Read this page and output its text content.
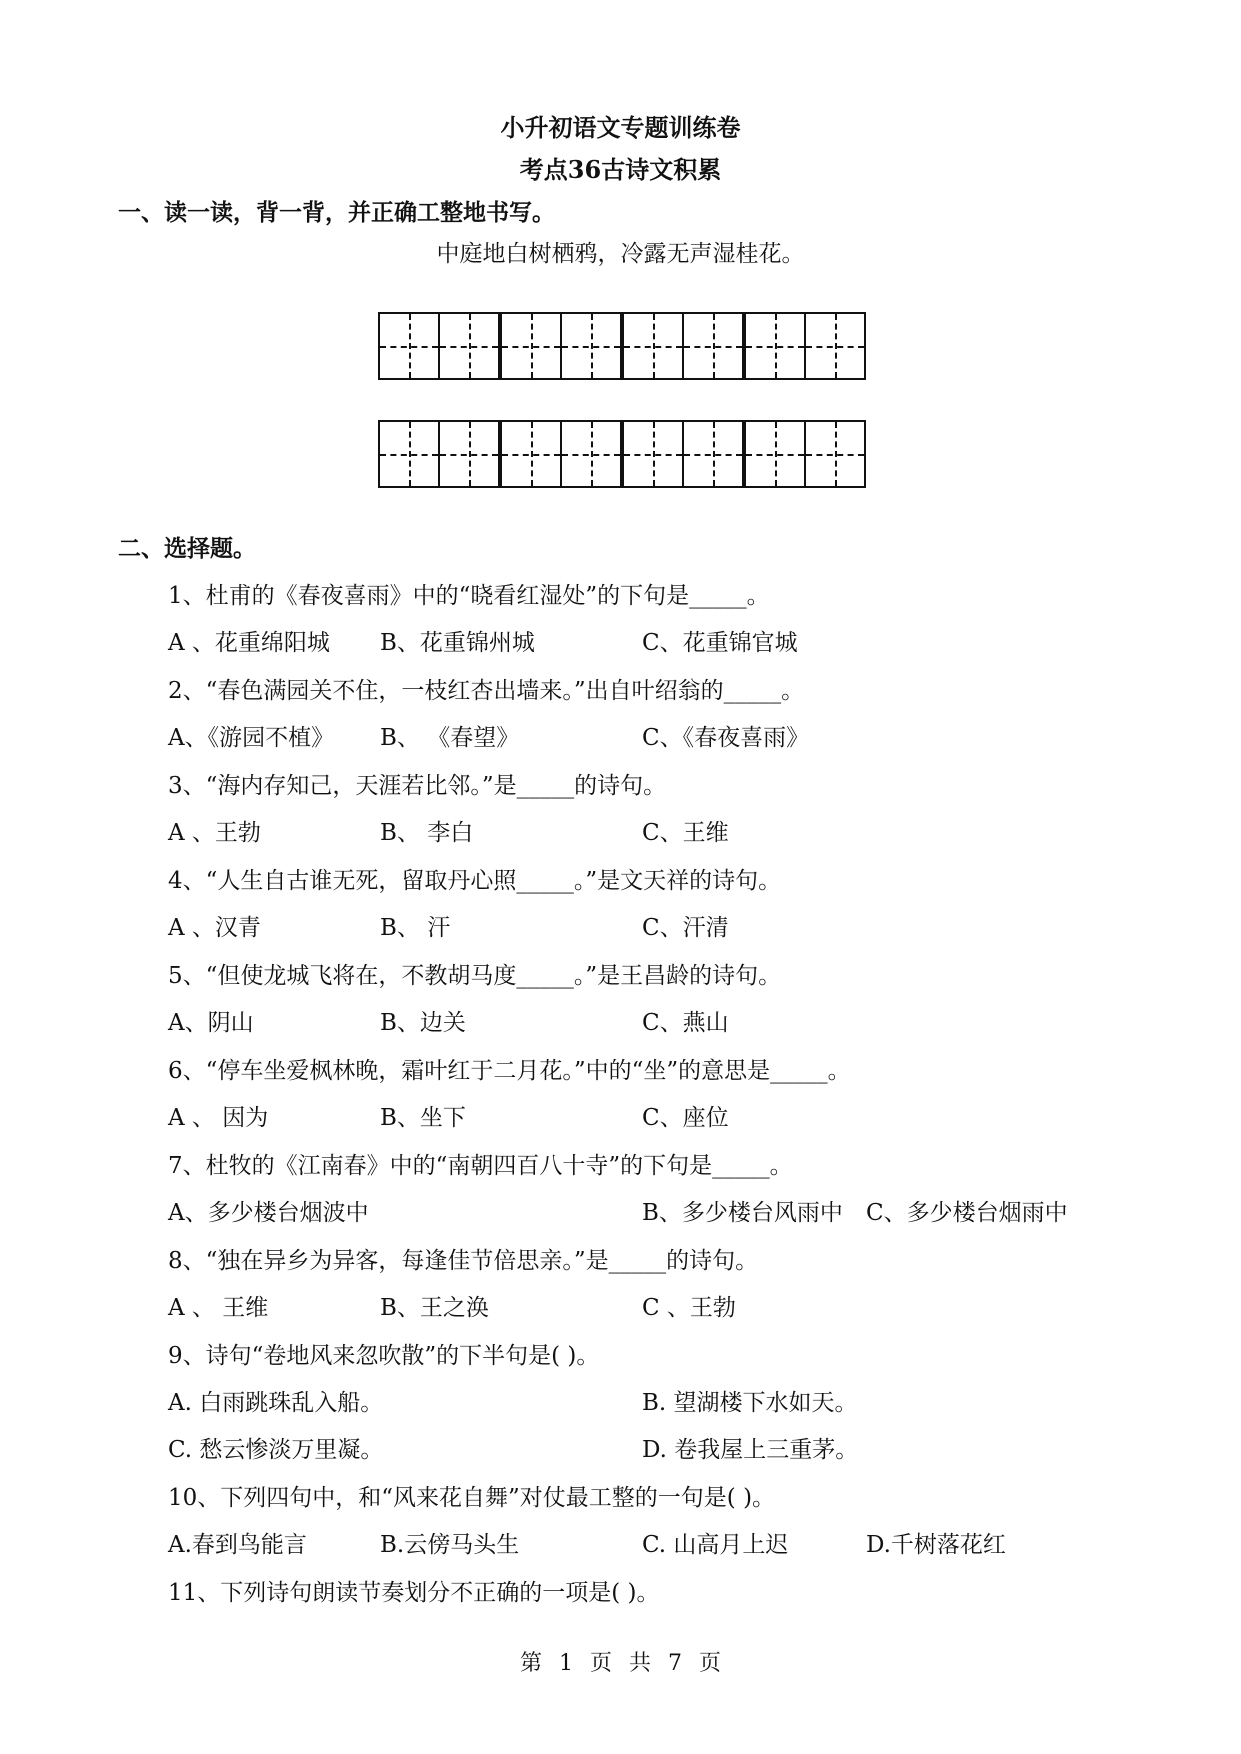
小升初语文专题训练卷
考点36古诗文积累
一、读一读，背一背，并正确工整地书写。
中庭地白树栖鸦，冷露无声湿桂花。
二、选择题。
1、杜甫的《春夜喜雨》中的“晓看红湿处”的下句是_____。
A 、花重绵阳城 B、花重锦州城	C、花重锦官城
2、“春色满园关不住，一枝红杏出墙来。”出自叶绍翁的_____。
A、《游园不植》 B、 《春望》	C、《春夜喜雨》
3、“海内存知己，天涯若比邻。”是_____的诗句。
A 、王勃	B、 李白	C、王维
4、“人生自古谁无死，留取丹心照_____。”是文天祥的诗句。
A 、汉青	B、 汗	C、汗清
5、“但使龙城飞将在，不教胡马度_____。”是王昌龄的诗句。
A、阴山	B、边关	C、燕山
6、“停车坐爱枫林晚，霜叶红于二月花。”中的“坐”的意思是_____。
A 、 因为	B、坐下	C、座位
7、杜牧的《江南春》中的“南朝四百八十寺”的下句是_____。
A、多少楼台烟波中	B、多少楼台风雨中 C、多少楼台烟雨中
8、“独在异乡为异客，每逢佳节倍思亲。”是_____的诗句。
A 、 王维	B、王之涣	C 、王勃
9、诗句“卷地风来忽吹散”的下半句是( )。
A. 白雨跳珠乱入船。	B. 望湖楼下水如天。
C. 愁云惨淡万里凝。	D. 卷我屋上三重茅。
10、下列四句中，和“风来花自舞”对仗最工整的一句是( )。
A.春到鸟能言	B.云傍马头生	C. 山高月上迟	D.千树落花红
11、下列诗句朗读节奏划分不正确的一项是( )。
第 1 页 共 7 页
